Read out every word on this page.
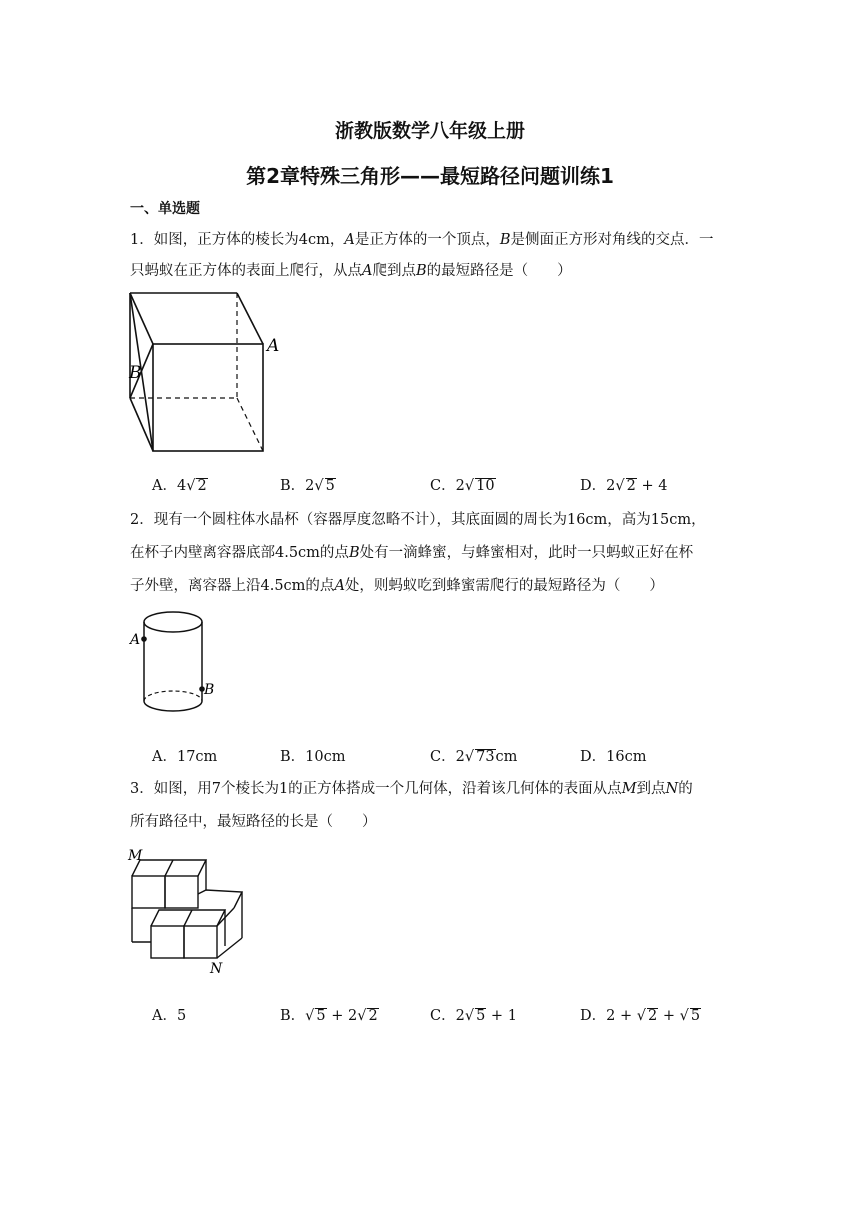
浙教版数学八年级上册
第2章特殊三角形——最短路径问题训练1
一、单选题
1．如图，正方体的棱长为4cm，A是正方体的一个顶点，B是侧面正方形对角线的交点．一
只蚂蚁在正方体的表面上爬行，从点A爬到点B的最短路径是（　　）
A
B
A．4√ 2	B．2√ 5	C．2√ 10	D．2√ 2 + 4
2．现有一个圆柱体水晶杯（容器厚度忽略不计），其底面圆的周长为16cm，高为15cm，
在杯子内壁离容器底部4.5cm的点B处有一滴蜂蜜，与蜂蜜相对，此时一只蚂蚁正好在杯
子外壁，离容器上沿4.5cm的点A处，则蚂蚁吃到蜂蜜需爬行的最短路径为（　　）
A
B
A．17cm	B．10cm	C．2√ 73cm	D．16cm
3．如图，用7个棱长为1的正方体搭成一个几何体，沿着该几何体的表面从点M到点N的
所有路径中，最短路径的长是（　　）
M
N
A．5	B．√ 5 + 2√ 2	C．2√ 5 + 1	D．2 + √ 2 + √ 5
